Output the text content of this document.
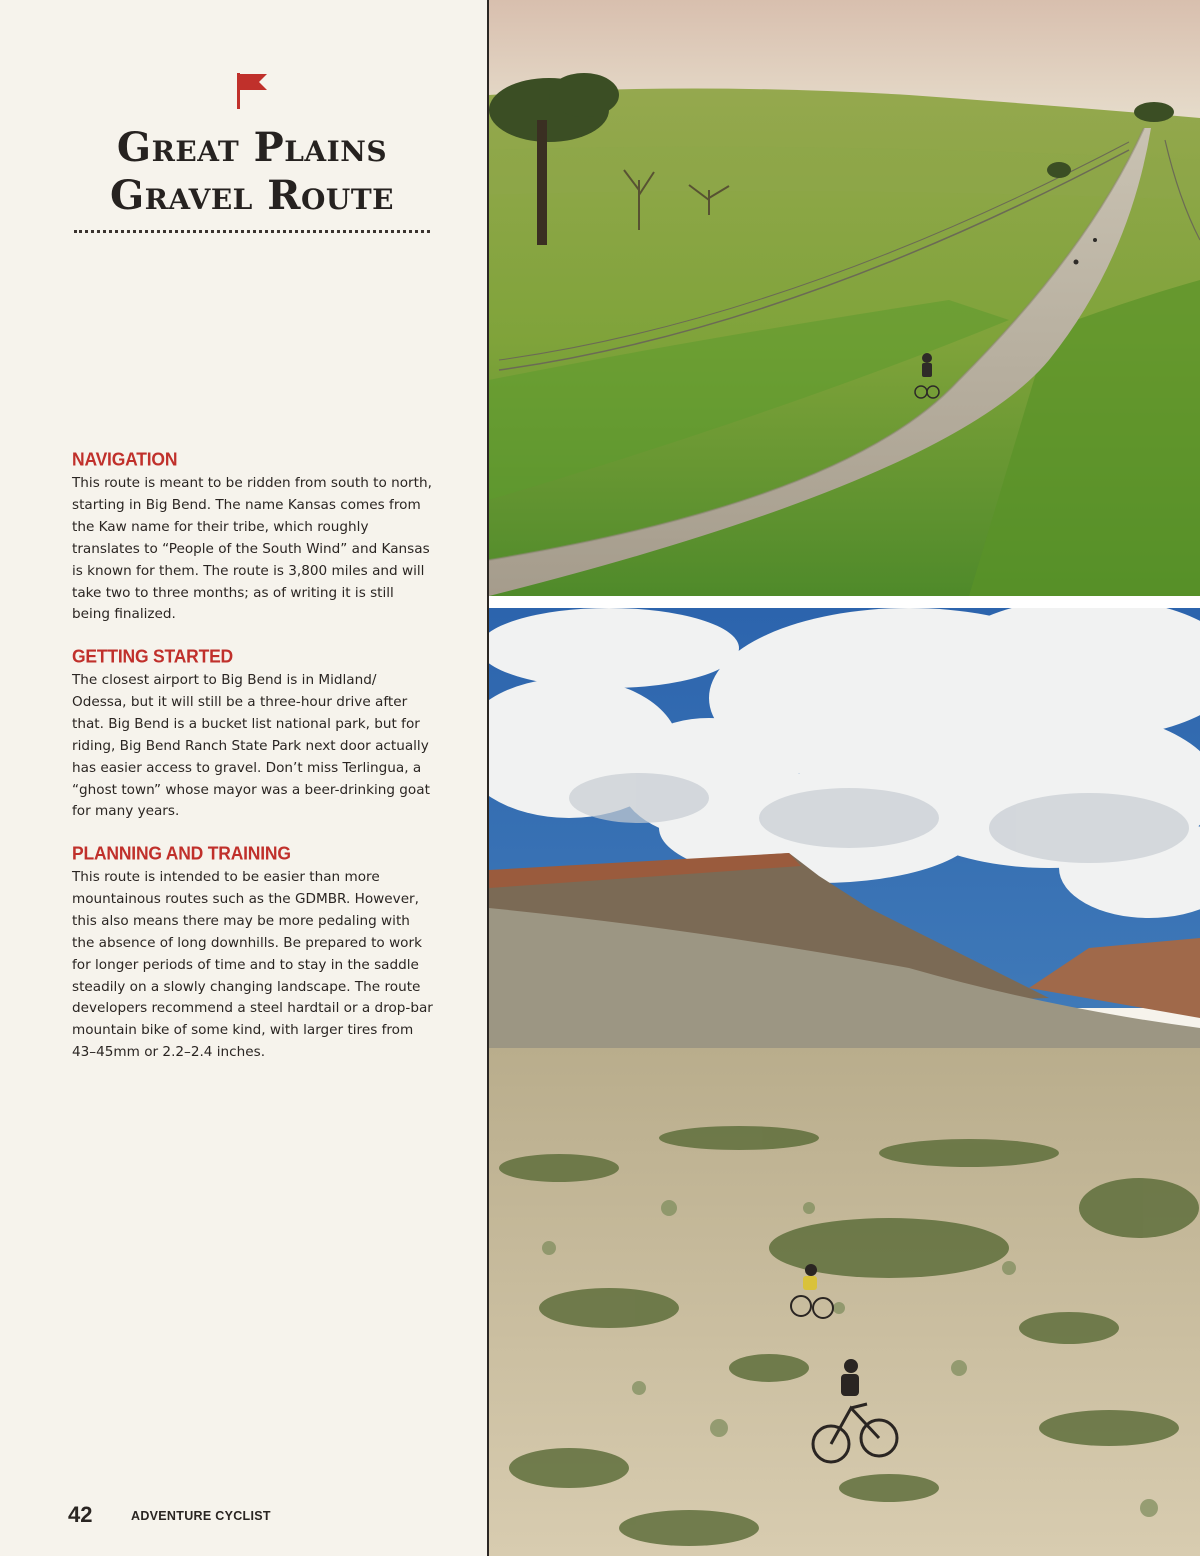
Great Plains
Gravel Route
NAVIGATION

This route is meant to be ridden from south to north, starting in Big Bend. The name Kansas comes from the Kaw name for their tribe, which roughly translates to “People of the South Wind” and Kansas is known for them. The route is 3,800 miles and will take two to three months; as of writing it is still being finalized.

GETTING STARTED

The closest airport to Big Bend is in Midland/ Odessa, but it will still be a three-hour drive after that. Big Bend is a bucket list national park, but for riding, Big Bend Ranch State Park next door actually has easier access to gravel. Don’t miss Terlingua, a “ghost town” whose mayor was a beer-drinking goat for many years.

PLANNING AND TRAINING

This route is intended to be easier than more mountainous routes such as the GDMBR. However, this also means there may be more pedaling with the absence of long downhills. Be prepared to work for longer periods of time and to stay in the saddle steadily on a slowly changing landscape. The route developers recommend a steel hardtail or a drop-bar mountain bike of some kind, with larger tires from 43–45mm or 2.2–2.4 inches.

42	ADVENTURE CYCLIST
